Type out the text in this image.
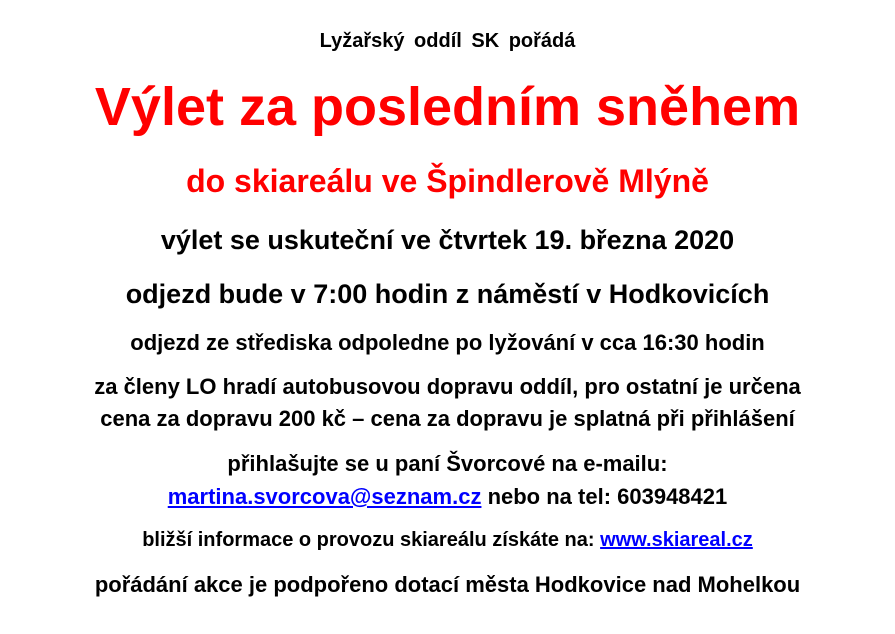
Lyžařský oddíl SK pořádá
Výlet za posledním sněhem
do skiareálu ve Špindlerově Mlýně
výlet se uskuteční ve čtvrtek 19. března 2020
odjezd bude v 7:00 hodin z náměstí v Hodkovicích
odjezd ze střediska odpoledne po lyžování v cca 16:30 hodin
za členy LO hradí autobusovou dopravu oddíl, pro ostatní je určena
cena za dopravu 200 kč – cena za dopravu je splatná při přihlášení
přihlašujte se u paní Švorcové na e-mailu:
martina.svorcova@seznam.cz nebo na tel: 603948421
bližší informace o provozu skiareálu získáte na: www.skiareal.cz
pořádání akce je podpořeno dotací města Hodkovice nad Mohelkou
